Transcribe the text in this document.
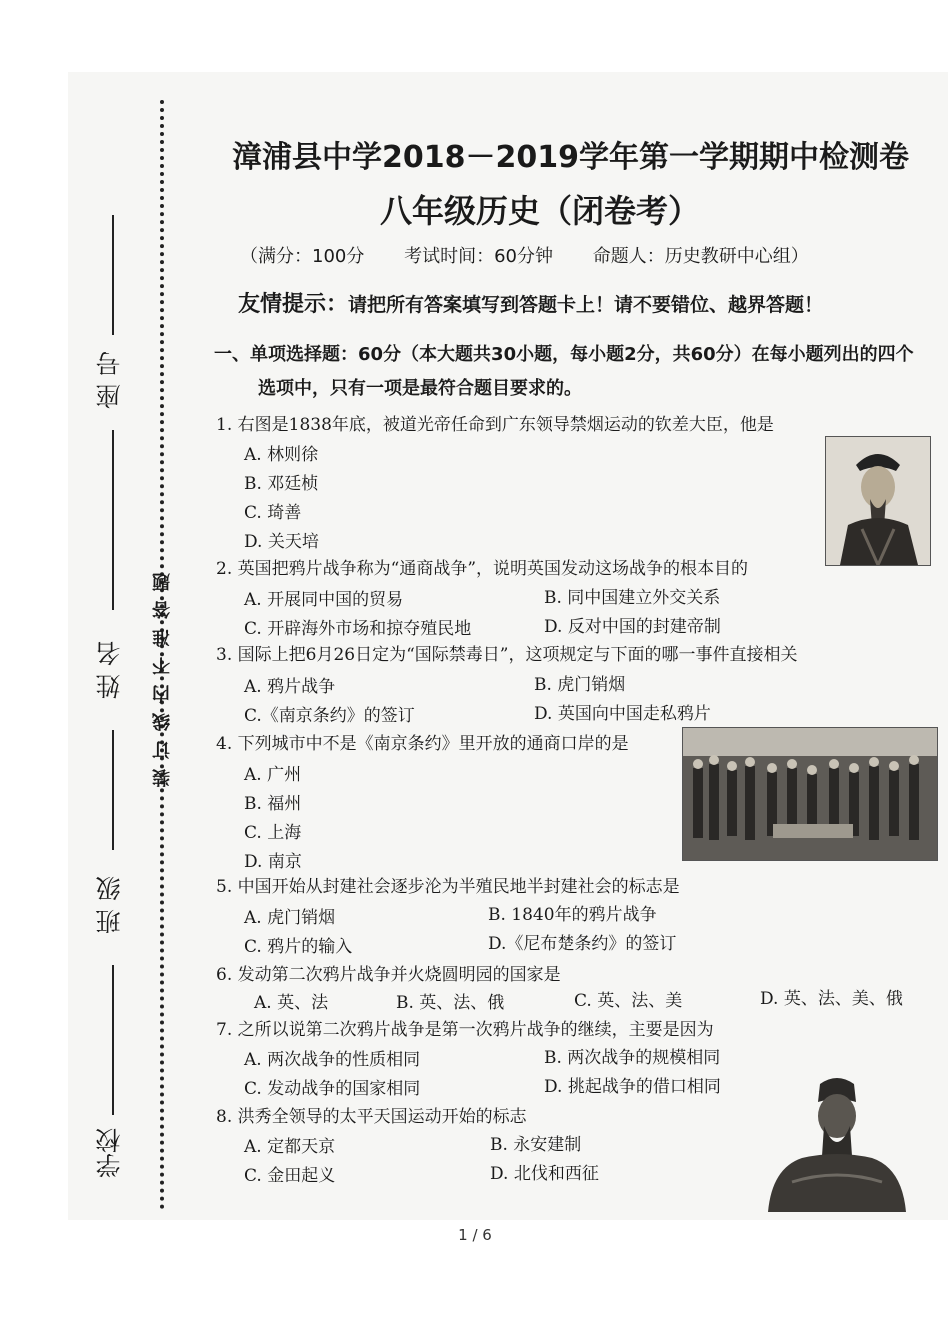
座 号
姓 名
班 级
学校
装订线内不准答题
漳浦县中学2018－2019学年第一学期期中检测卷
八年级历史（闭卷考）
（满分：100分 考试时间：60分钟 命题人：历史教研中心组）
友情提示：请把所有答案填写到答题卡上！请不要错位、越界答题！
一、单项选择题：60分（本大题共30小题，每小题2分，共60分）在每小题列出的四个
选项中，只有一项是最符合题目要求的。
1. 右图是1838年底，被道光帝任命到广东领导禁烟运动的钦差大臣，他是
A. 林则徐
B. 邓廷桢
C. 琦善
D. 关天培
2. 英国把鸦片战争称为“通商战争”，说明英国发动这场战争的根本目的
A. 开展同中国的贸易	B. 同中国建立外交关系
C. 开辟海外市场和掠夺殖民地	D. 反对中国的封建帝制
3. 国际上把6月26日定为“国际禁毒日”，这项规定与下面的哪一事件直接相关
A. 鸦片战争	B. 虎门销烟
C.《南京条约》的签订	D. 英国向中国走私鸦片
4. 下列城市中不是《南京条约》里开放的通商口岸的是
A. 广州
B. 福州
C. 上海
D. 南京
5. 中国开始从封建社会逐步沦为半殖民地半封建社会的标志是
A. 虎门销烟	B. 1840年的鸦片战争
C. 鸦片的输入	D.《尼布楚条约》的签订
6. 发动第二次鸦片战争并火烧圆明园的国家是
A. 英、法	B. 英、法、俄	C. 英、法、美	D. 英、法、美、俄
7. 之所以说第二次鸦片战争是第一次鸦片战争的继续，主要是因为
A. 两次战争的性质相同	B. 两次战争的规模相同
C. 发动战争的国家相同	D. 挑起战争的借口相同
8. 洪秀全领导的太平天国运动开始的标志
A. 定都天京	B. 永安建制
C. 金田起义	D. 北伐和西征
1 / 6
